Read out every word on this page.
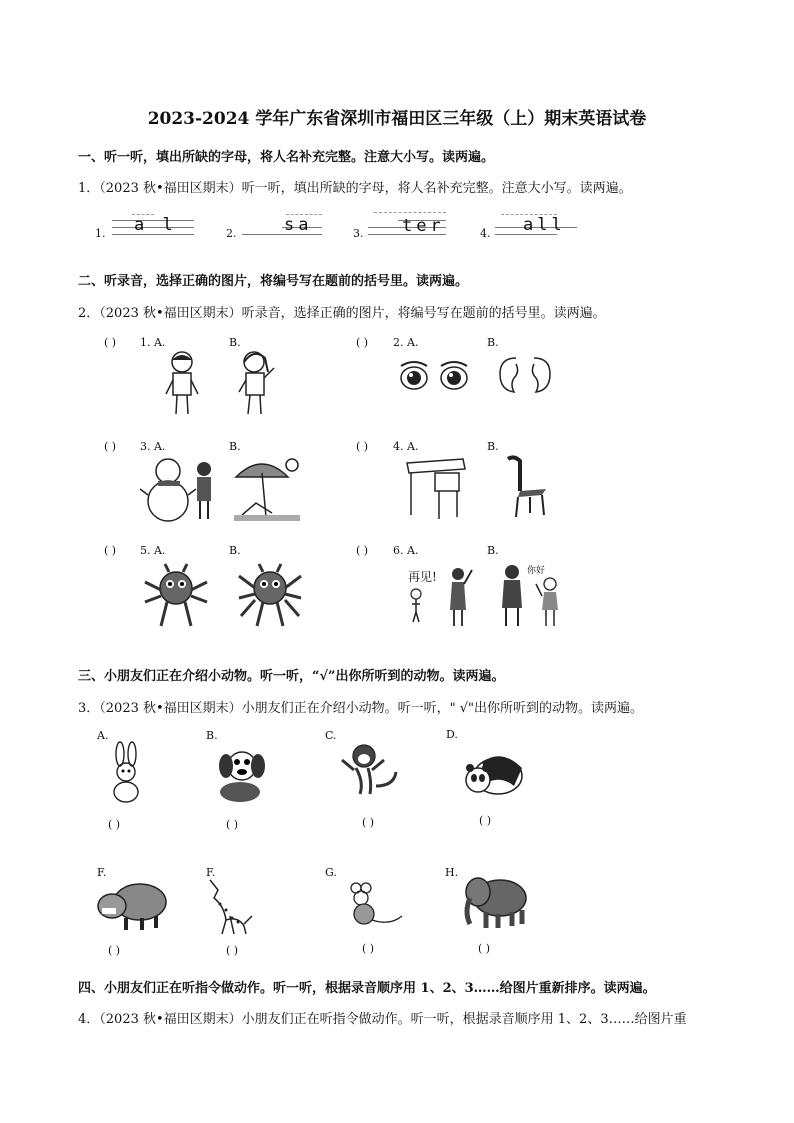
2023-2024 学年广东省深圳市福田区三年级（上）期末英语试卷
一、听一听，填出所缺的字母，将人名补充完整。注意大小写。读两遍。
1．（2023 秋•福田区期末）听一听，填出所缺的字母，将人名补充完整。注意大小写。读两遍。
1. a l	2.	sa	3. ter	4. all
二、听录音，选择正确的图片，将编号写在题前的括号里。读两遍。
2．（2023 秋•福田区期末）听录音，选择正确的图片，将编号写在题前的括号里。读两遍。
( ) 1. A.	B.	( ) 2. A.	B.
( ) 3. A.	B.	( ) 4. A.	B.
( ) 5. A.	B.	( ) 6. A.	B.
再见!	你好
三、小朋友们正在介绍小动物。听一听，“√”出你所听到的动物。读两遍。
3．（2023 秋•福田区期末）小朋友们正在介绍小动物。听一听，" √"出你所听到的动物。读两遍。
A.
( )
B.
( )
C.
( )
D.
( )
F.
( )
F.
( )
G.
( )
H.
( )
四、小朋友们正在听指令做动作。听一听，根据录音顺序用 1、2、3……给图片重新排序。读两遍。
4．（2023 秋•福田区期末）小朋友们正在听指令做动作。听一听，根据录音顺序用 1、2、3……给图片重
